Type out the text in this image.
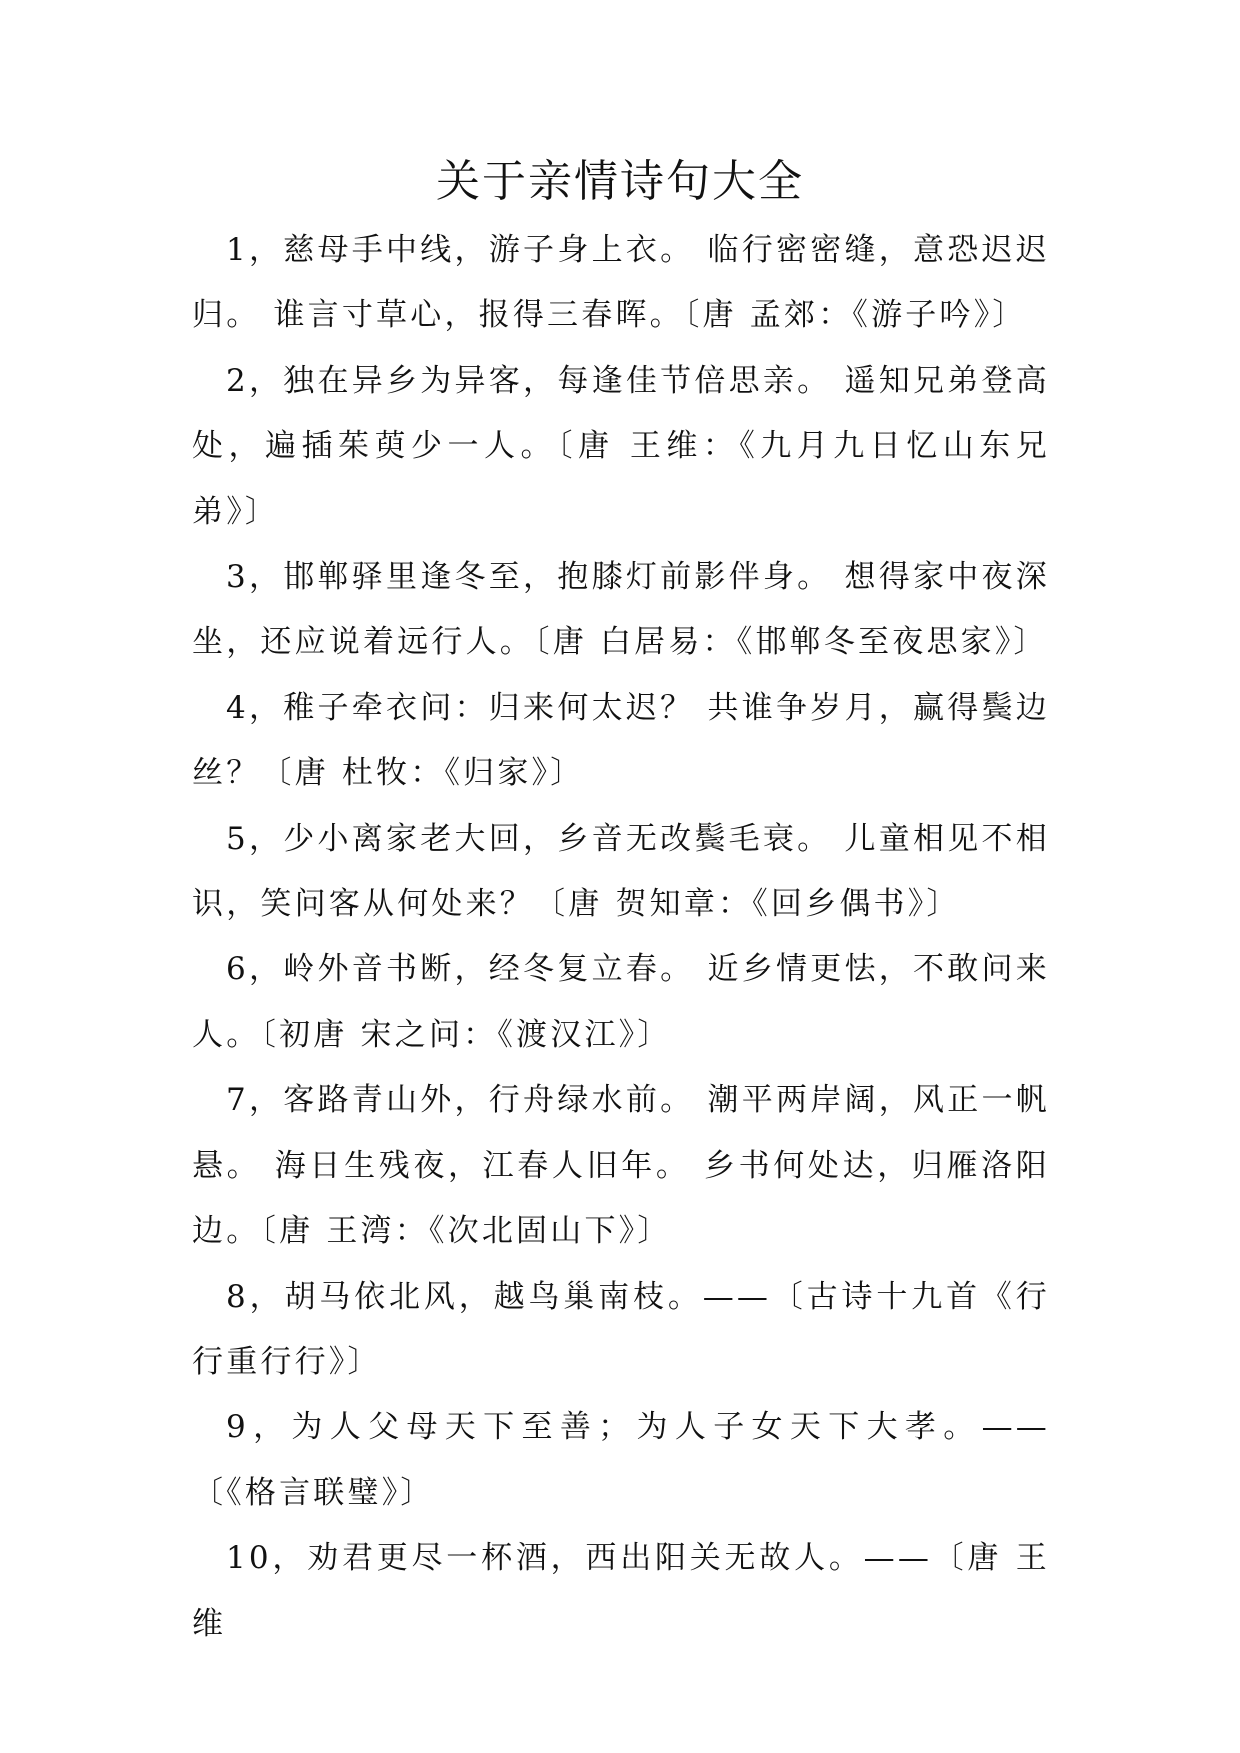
关于亲情诗句大全

1，慈母手中线，游子身上衣。 临行密密缝，意恐迟迟归。 谁言寸草心，报得三春晖。〔唐 孟郊：《游子吟》〕

2，独在异乡为异客，每逢佳节倍思亲。 遥知兄弟登高处，遍插茱萸少一人。〔唐 王维：《九月九日忆山东兄弟》〕

3，邯郸驿里逢冬至，抱膝灯前影伴身。 想得家中夜深坐，还应说着远行人。〔唐 白居易：《邯郸冬至夜思家》〕

4，稚子牵衣问：归来何太迟？ 共谁争岁月，赢得鬓边丝？〔唐 杜牧：《归家》〕

5，少小离家老大回，乡音无改鬓毛衰。 儿童相见不相识，笑问客从何处来？〔唐 贺知章：《回乡偶书》〕

6，岭外音书断，经冬复立春。 近乡情更怯，不敢问来人。〔初唐 宋之问：《渡汉江》〕

7，客路青山外，行舟绿水前。 潮平两岸阔，风正一帆悬。 海日生残夜，江春人旧年。 乡书何处达，归雁洛阳边。〔唐 王湾：《次北固山下》〕

8，胡马依北风，越鸟巢南枝。——〔古诗十九首《行行重行行》〕

9，为人父母天下至善；为人子女天下大孝。——〔《格言联璧》〕

10，劝君更尽一杯酒，西出阳关无故人。——〔唐 王维
